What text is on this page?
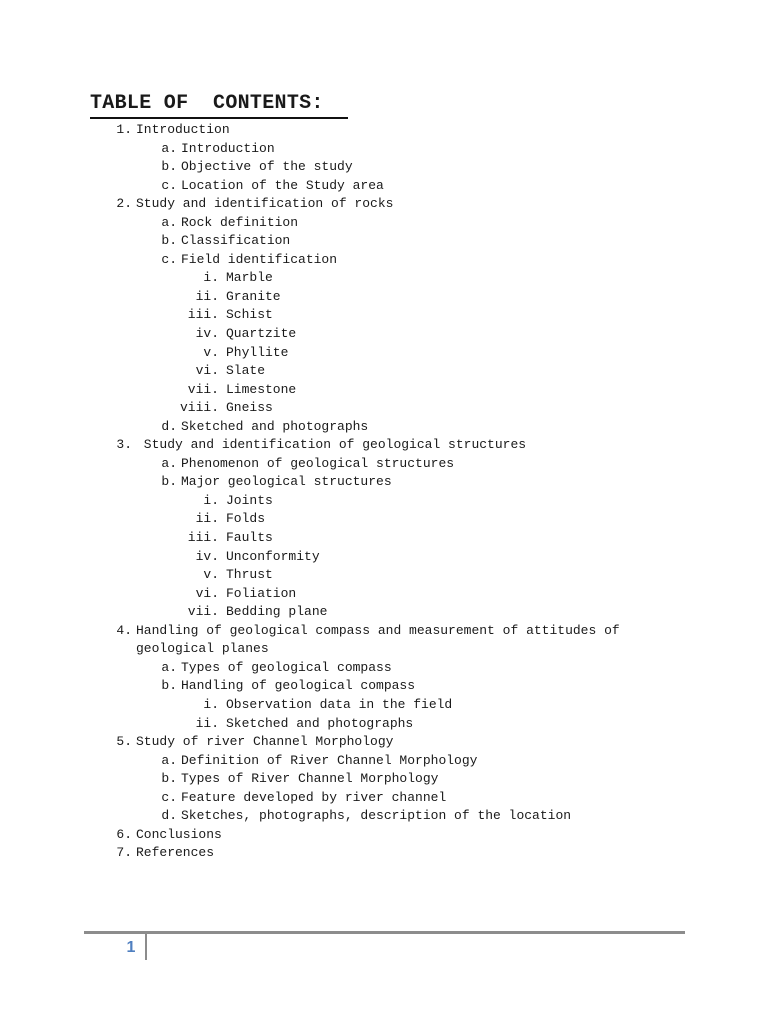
TABLE OF  CONTENTS:
1. Introduction
a. Introduction
b. Objective of the study
c. Location of the Study area
2. Study and identification of rocks
a. Rock definition
b. Classification
c. Field identification
i. Marble
ii. Granite
iii. Schist
iv. Quartzite
v. Phyllite
vi. Slate
vii. Limestone
viii. Gneiss
d. Sketched and photographs
3. Study and identification of geological structures
a. Phenomenon of geological structures
b. Major geological structures
i. Joints
ii. Folds
iii. Faults
iv. Unconformity
v. Thrust
vi. Foliation
vii. Bedding plane
4. Handling of geological compass and measurement of attitudes of
geological planes
a. Types of geological compass
b. Handling of geological compass
i. Observation data in the field
ii. Sketched and photographs
5. Study of river Channel Morphology
a. Definition of River Channel Morphology
b. Types of River Channel Morphology
c. Feature developed by river channel
d. Sketches, photographs, description of the location
6. Conclusions
7. References
1
